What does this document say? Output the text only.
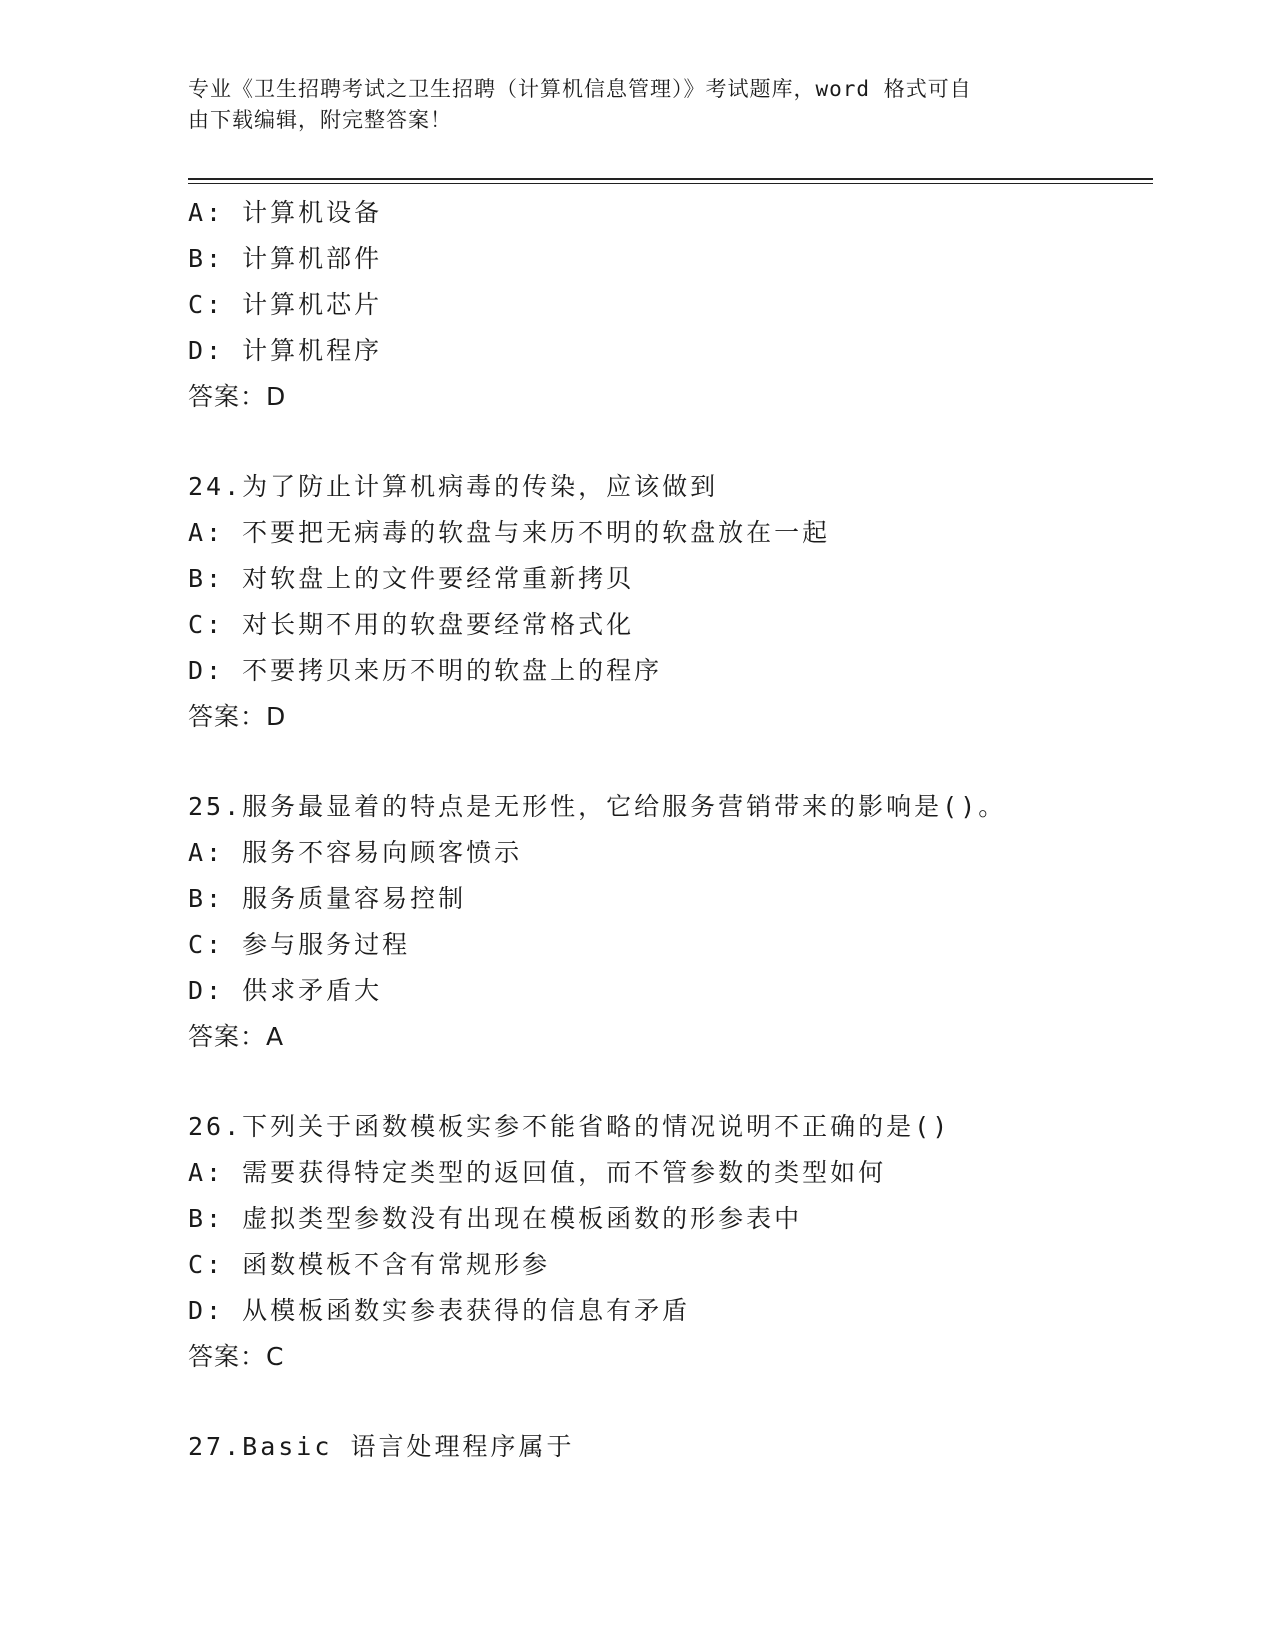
专业《卫生招聘考试之卫生招聘（计算机信息管理）》考试题库，word 格式可自
由下载编辑，附完整答案！
A: 计算机设备
B: 计算机部件
C: 计算机芯片
D: 计算机程序
答案：D
24.为了防止计算机病毒的传染，应该做到
A: 不要把无病毒的软盘与来历不明的软盘放在一起
B: 对软盘上的文件要经常重新拷贝
C: 对长期不用的软盘要经常格式化
D: 不要拷贝来历不明的软盘上的程序
答案：D
25.服务最显着的特点是无形性，它给服务营销带来的影响是()。
A: 服务不容易向顾客愤示
B: 服务质量容易控制
C: 参与服务过程
D: 供求矛盾大
答案：A
26.下列关于函数模板实参不能省略的情况说明不正确的是()
A: 需要获得特定类型的返回值，而不管参数的类型如何
B: 虚拟类型参数没有出现在模板函数的形参表中
C: 函数模板不含有常规形参
D: 从模板函数实参表获得的信息有矛盾
答案：C
27.Basic 语言处理程序属于
